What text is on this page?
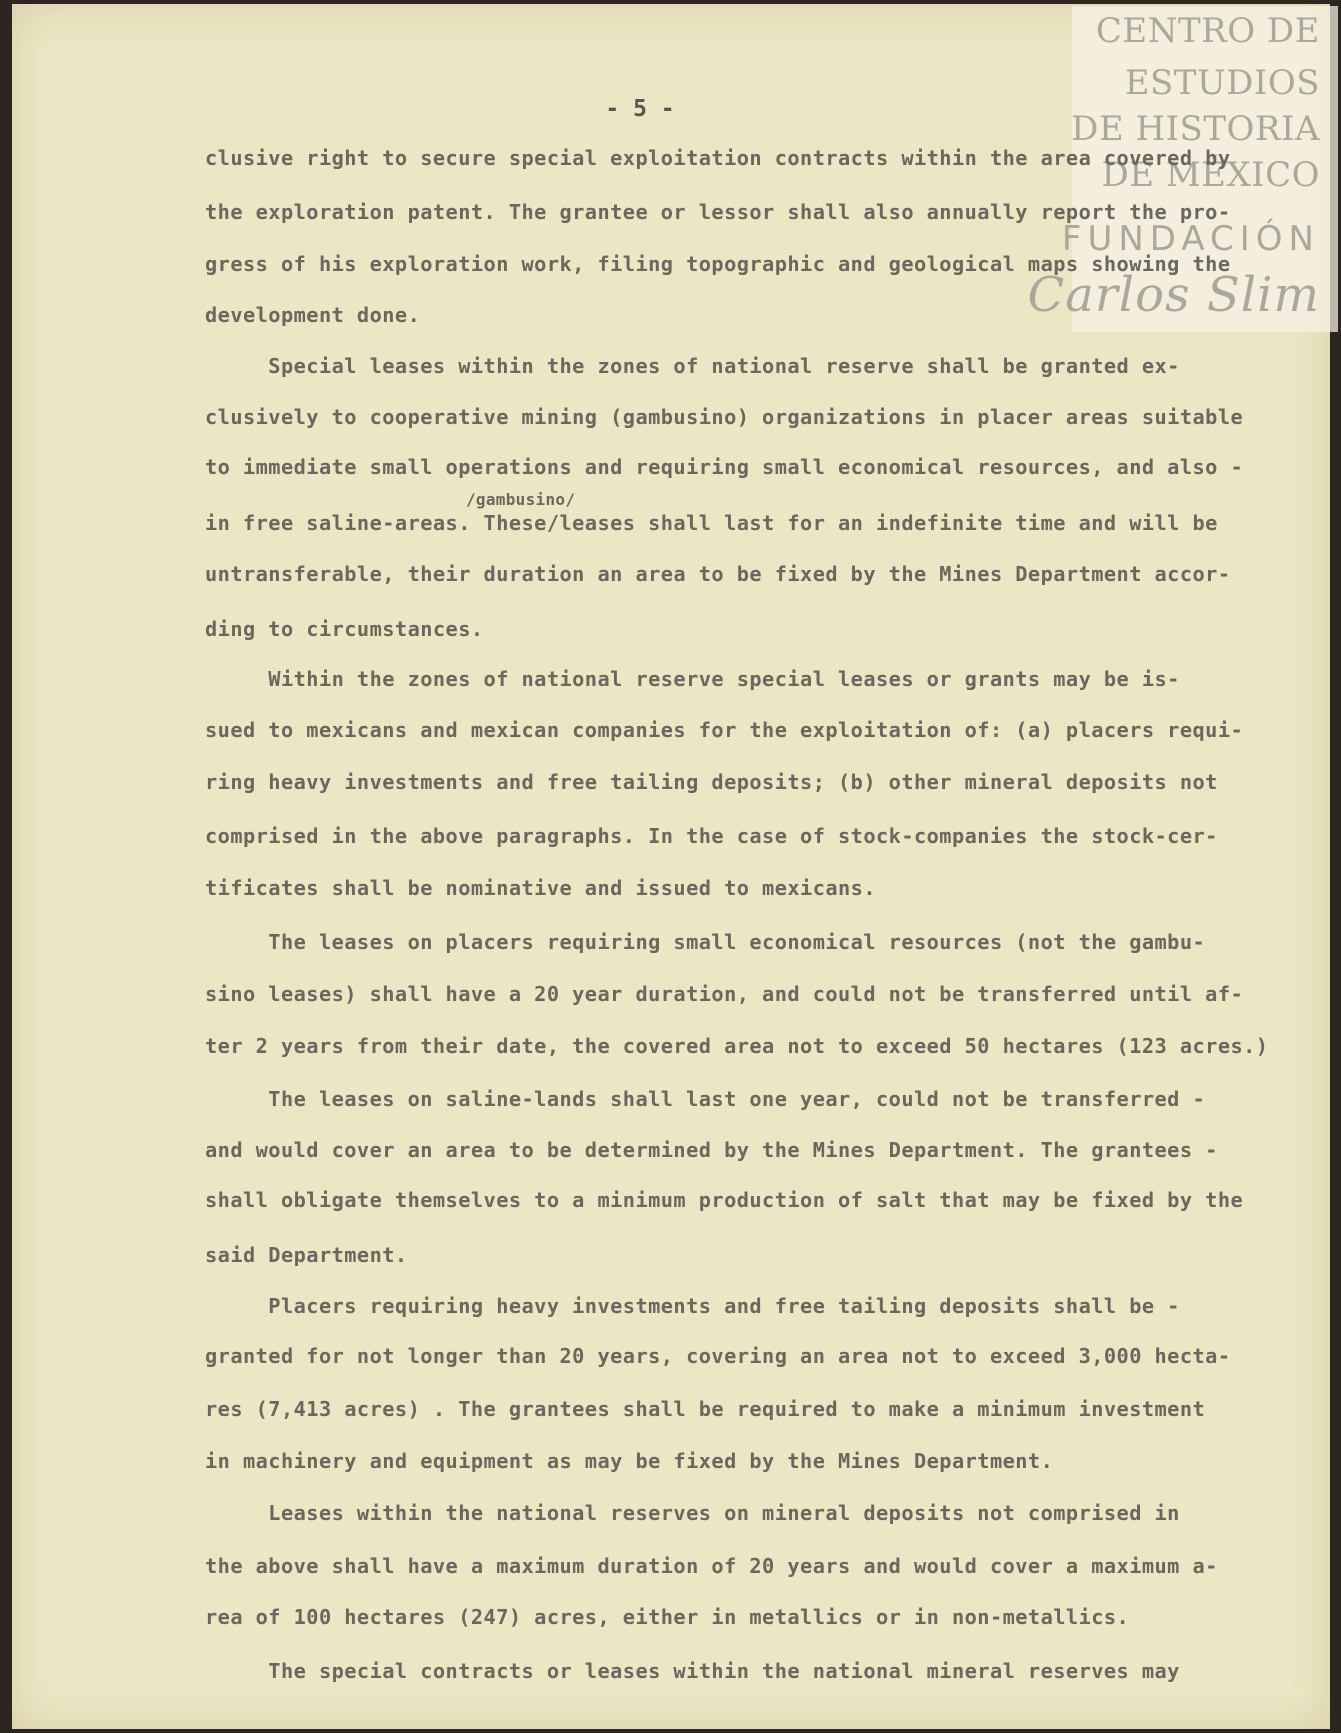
CENTRO DE
ESTUDIOS
DE HISTORIA
DE MÉXICO
FUNDACIÓN
Carlos Slim
- 5 -
/gambusino/
clusive right to secure special exploitation contracts within the area covered by
the exploration patent. The grantee or lessor shall also annually report the pro-
gress of his exploration work, filing topographic and geological maps showing the
development done.
Special leases within the zones of national reserve shall be granted ex-
clusively to cooperative mining (gambusino) organizations in placer areas suitable
to immediate small operations and requiring small economical resources, and also -
in free saline-areas. These/leases shall last for an indefinite time and will be
untransferable, their duration an area to be fixed by the Mines Department accor-
ding to circumstances.
Within the zones of national reserve special leases or grants may be is-
sued to mexicans and mexican companies for the exploitation of: (a) placers requi-
ring heavy investments and free tailing deposits; (b) other mineral deposits not
comprised in the above paragraphs. In the case of stock-companies the stock-cer-
tificates shall be nominative and issued to mexicans.
The leases on placers requiring small economical resources (not the gambu-
sino leases) shall have a 20 year duration, and could not be transferred until af-
ter 2 years from their date, the covered area not to exceed 50 hectares (123 acres.)
The leases on saline-lands shall last one year, could not be transferred -
and would cover an area to be determined by the Mines Department. The grantees -
shall obligate themselves to a minimum production of salt that may be fixed by the
said Department.
Placers requiring heavy investments and free tailing deposits shall be -
granted for not longer than 20 years, covering an area not to exceed 3,000 hecta-
res (7,413 acres) . The grantees shall be required to make a minimum investment
in machinery and equipment as may be fixed by the Mines Department.
Leases within the national reserves on mineral deposits not comprised in
the above shall have a maximum duration of 20 years and would cover a maximum a-
rea of 100 hectares (247) acres, either in metallics or in non-metallics.
The special contracts or leases within the national mineral reserves may
